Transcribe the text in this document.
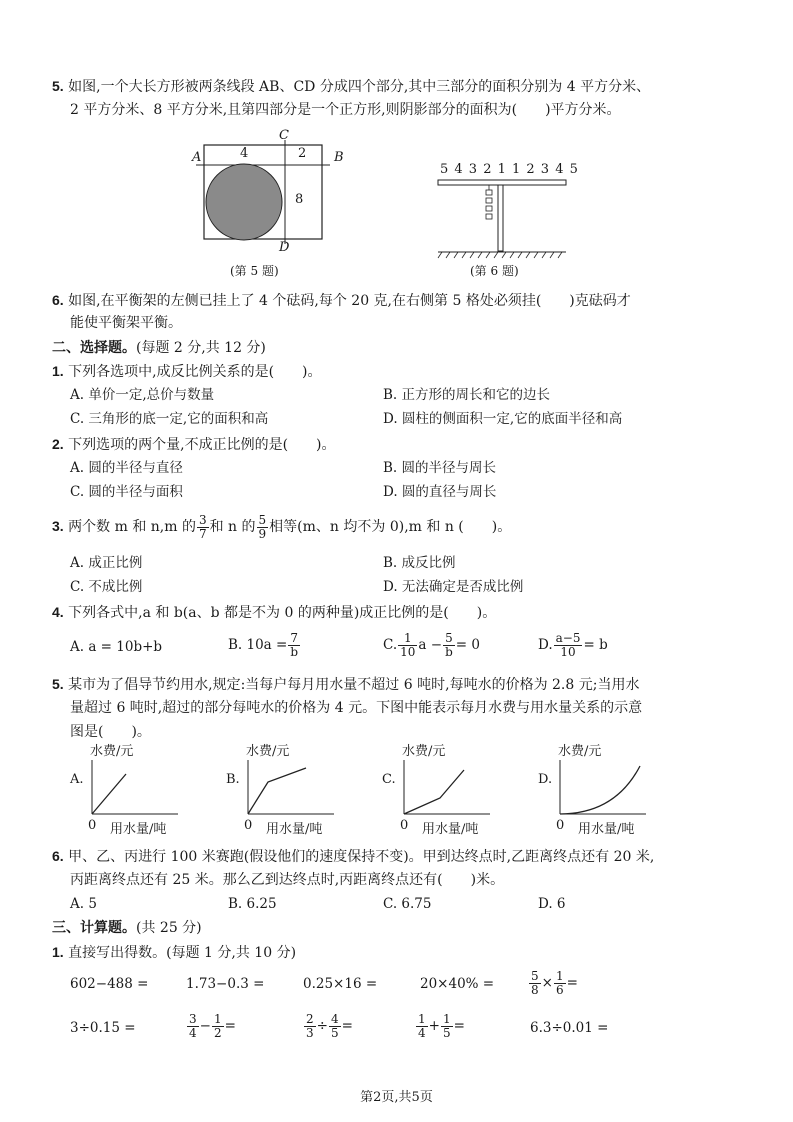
5. 如图,一个大长方形被两条线段 AB、CD 分成四个部分,其中三部分的面积分别为 4 平方分米、
2 平方分米、8 平方分米,且第四部分是一个正方形,则阴影部分的面积为(　　)平方分米。
A	B
C
D
4	2
8
(第 5 题)
5 4 3 2 1 1 2 3 4 5
(第 6 题)
6. 如图,在平衡架的左侧已挂上了 4 个砝码,每个 20 克,在右侧第 5 格处必须挂(　　)克砝码才
能使平衡架平衡。
二、选择题。(每题 2 分,共 12 分)
1. 下列各选项中,成反比例关系的是(　　)。
A. 单价一定,总价与数量	B. 正方形的周长和它的边长
C. 三角形的底一定,它的面积和高	D. 圆柱的侧面积一定,它的底面半径和高
2. 下列选项的两个量,不成正比例的是(　　)。
A. 圆的半径与直径	B. 圆的半径与周长
C. 圆的半径与面积	D. 圆的直径与周长
3. 两个数 m 和 n,m 的 $\frac{3}{7}$ 和 n 的 $\frac{5}{9}$ 相等(m、n 均不为 0),m 和 n (　　)。
A. 成正比例	B. 成反比例
C. 不成比例	D. 无法确定是否成比例
4. 下列各式中,a 和 b(a、b 都是不为 0 的两种量)成正比例的是(　　)。
A. a = 10b+b	B. $10a = \frac{7}{b}$	C. $\frac{1}{10}$ $a - \frac{5}{b} = 0$	D. $\frac{a-5}{10} = b$
5. 某市为了倡导节约用水,规定:当每户每月用水量不超过 6 吨时,每吨水的价格为 2.8 元;当用水
量超过 6 吨时,超过的部分每吨水的价格为 4 元。下图中能表示每月水费与用水量关系的示意
图是(　　)。
A.
水费/元
0 用水量/吨
B.
水费/元
0 用水量/吨
C.
水费/元
0 用水量/吨
D.
水费/元
0 用水量/吨
6. 甲、乙、丙进行 100 米赛跑(假设他们的速度保持不变)。甲到达终点时,乙距离终点还有 20 米,
丙距离终点还有 25 米。那么乙到达终点时,丙距离终点还有(　　)米。
A. 5	B. 6.25	C. 6.75	D. 6
三、计算题。(共 25 分)
1. 直接写出得数。(每题 1 分,共 10 分)
602−488 =	1.73−0.3 =	0.25×16 =	20×40% =	$\frac{5}{8} \times \frac{1}{6}$ =
3÷0.15 =	$\frac{3}{4} - \frac{1}{2}$ =	$\frac{2}{3} \div \frac{4}{5}$ =	$\frac{1}{4} + \frac{1}{5}$ =	6.3÷0.01 =
第2页,共5页
